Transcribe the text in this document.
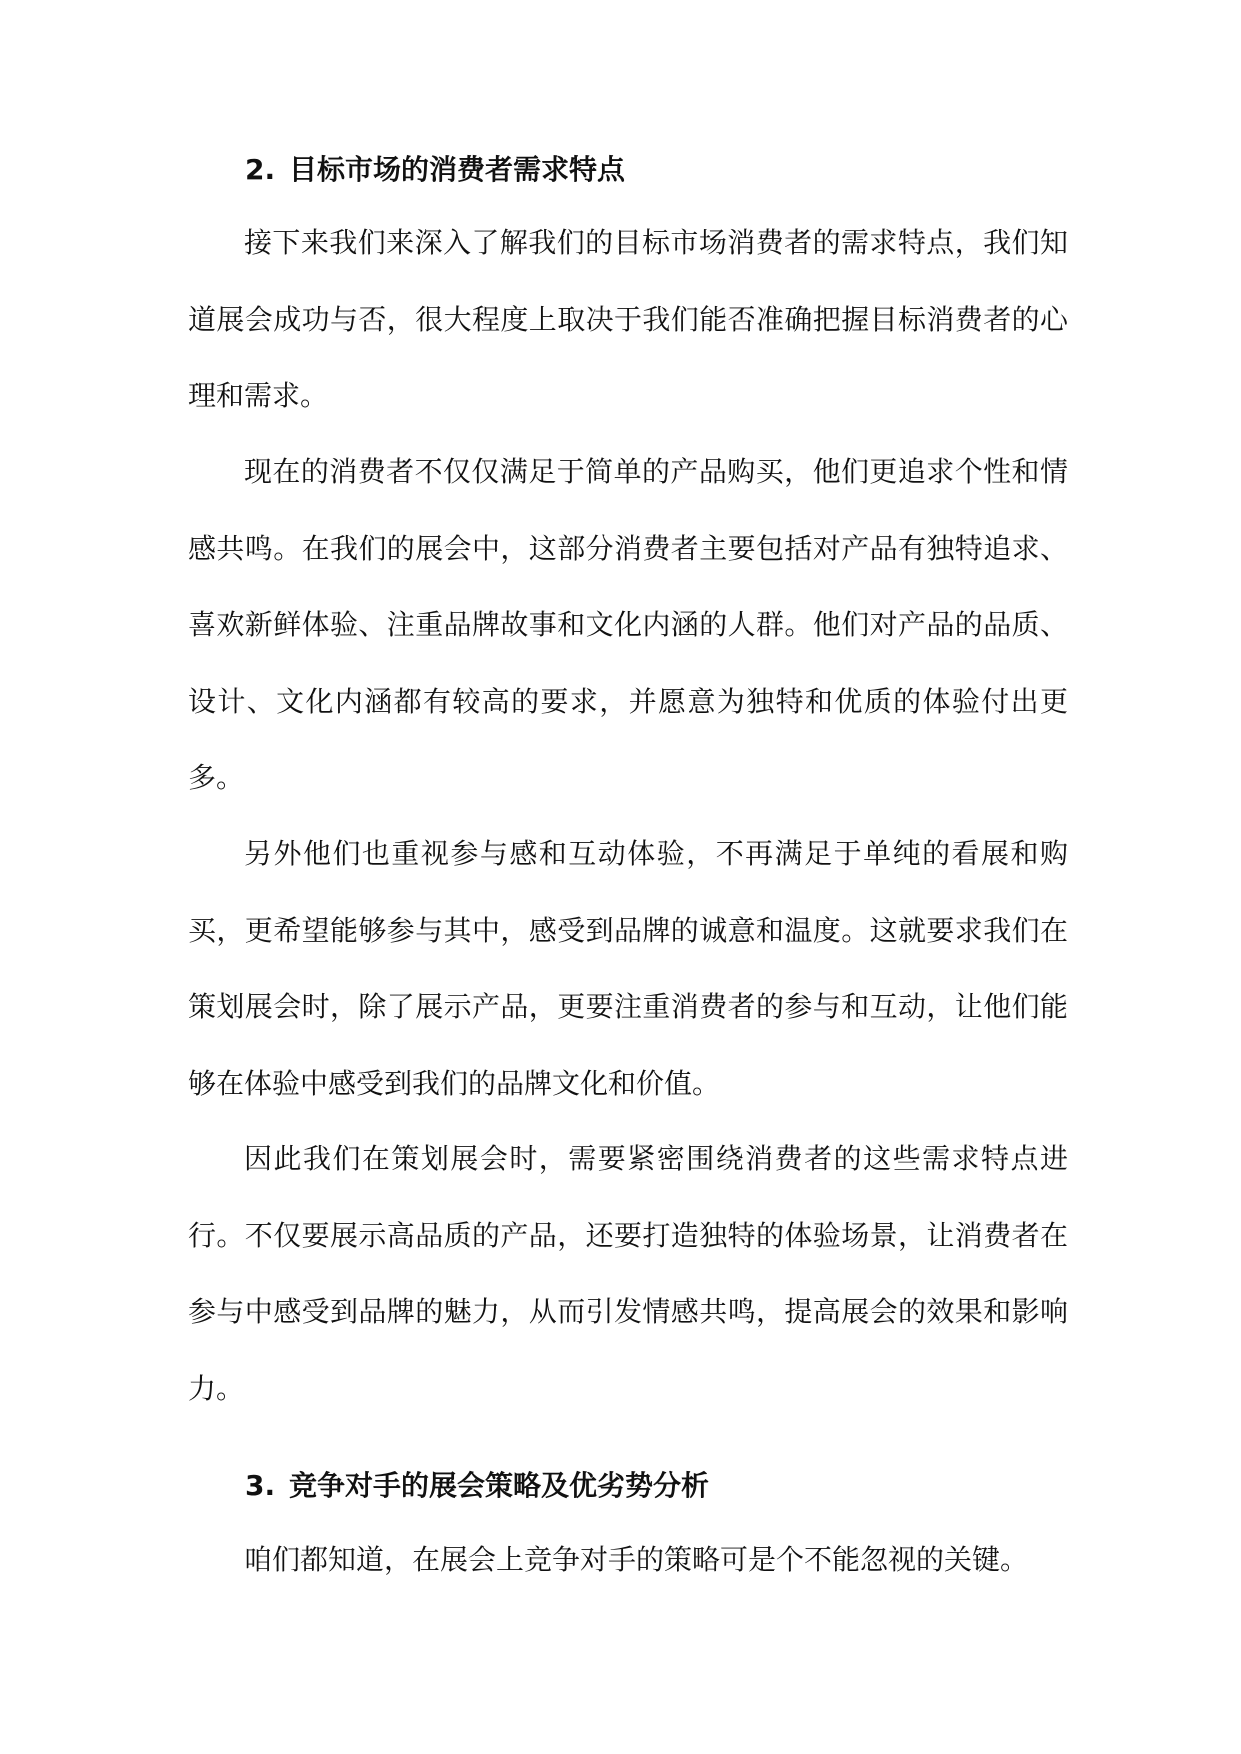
2. 目标市场的消费者需求特点

接下来我们来深入了解我们的目标市场消费者的需求特点，我们知道展会成功与否，很大程度上取决于我们能否准确把握目标消费者的心理和需求。

现在的消费者不仅仅满足于简单的产品购买，他们更追求个性和情感共鸣。在我们的展会中，这部分消费者主要包括对产品有独特追求、喜欢新鲜体验、注重品牌故事和文化内涵的人群。他们对产品的品质、设计、文化内涵都有较高的要求，并愿意为独特和优质的体验付出更多。

另外他们也重视参与感和互动体验，不再满足于单纯的看展和购买，更希望能够参与其中，感受到品牌的诚意和温度。这就要求我们在策划展会时，除了展示产品，更要注重消费者的参与和互动，让他们能够在体验中感受到我们的品牌文化和价值。

因此我们在策划展会时，需要紧密围绕消费者的这些需求特点进行。不仅要展示高品质的产品，还要打造独特的体验场景，让消费者在参与中感受到品牌的魅力，从而引发情感共鸣，提高展会的效果和影响力。

3. 竞争对手的展会策略及优劣势分析

咱们都知道，在展会上竞争对手的策略可是个不能忽视的关键。
